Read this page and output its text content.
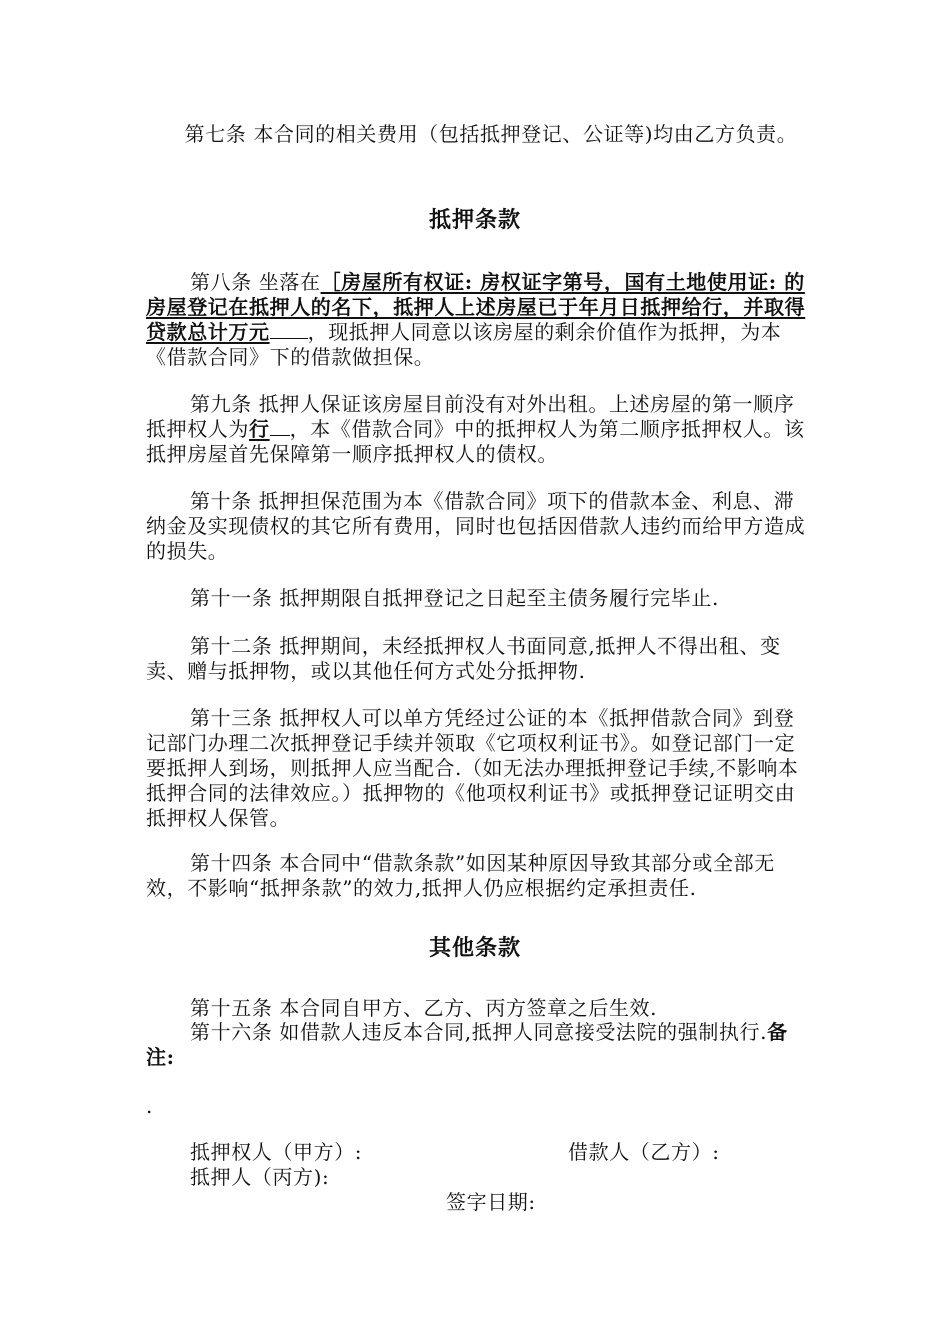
第七条 本合同的相关费用（包括抵押登记、公证等)均由乙方负责。

抵押条款

第八条 坐落在［房屋所有权证: 房权证字第号，国有土地使用证: 的房屋登记在抵押人的名下，抵押人上述房屋已于年月日抵押给行，并取得贷款总计万元 ，现抵押人同意以该房屋的剩余价值作为抵押，为本《借款合同》下的借款做担保。

第九条 抵押人保证该房屋目前没有对外出租。上述房屋的第一顺序抵押权人为行 ，本《借款合同》中的抵押权人为第二顺序抵押权人。该抵押房屋首先保障第一顺序抵押权人的债权。

第十条 抵押担保范围为本《借款合同》项下的借款本金、利息、滞纳金及实现债权的其它所有费用，同时也包括因借款人违约而给甲方造成的损失。

第十一条 抵押期限自抵押登记之日起至主债务履行完毕止.

第十二条 抵押期间，未经抵押权人书面同意,抵押人不得出租、变卖、赠与抵押物，或以其他任何方式处分抵押物.

第十三条 抵押权人可以单方凭经过公证的本《抵押借款合同》到登记部门办理二次抵押登记手续并领取《它项权利证书》。如登记部门一定要抵押人到场，则抵押人应当配合.（如无法办理抵押登记手续,不影响本抵押合同的法律效应。）抵押物的《他项权利证书》或抵押登记证明交由抵押权人保管。

第十四条 本合同中“借款条款”如因某种原因导致其部分或全部无效，不影响“抵押条款”的效力,抵押人仍应根据约定承担责任.

其他条款

第十五条 本合同自甲方、乙方、丙方签章之后生效.

第十六条 如借款人违反本合同,抵押人同意接受法院的强制执行.备注:

.

抵押权人（甲方）:	借款人（乙方）:

抵押人（丙方):

签字日期:
